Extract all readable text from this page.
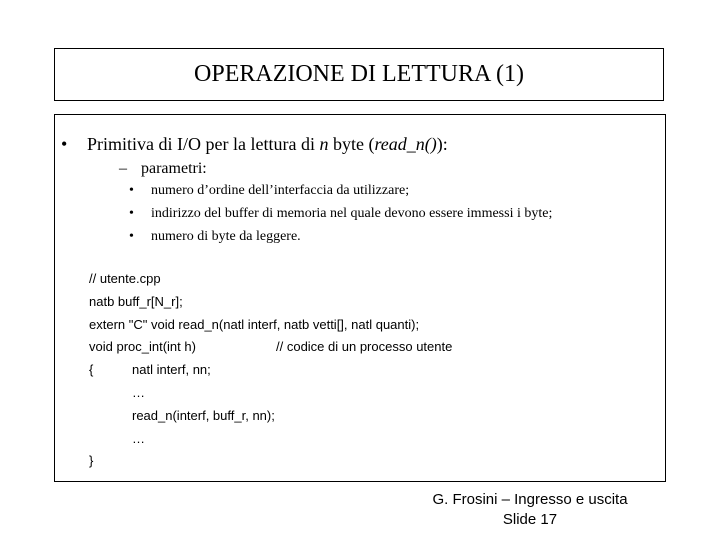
OPERAZIONE DI LETTURA (1)
• Primitiva di I/O per la lettura di n byte (read_n()):
– parametri:
• numero d’ordine dell’interfaccia da utilizzare;
• indirizzo del buffer di memoria nel quale devono essere immessi i byte;
• numero di byte da leggere.
// utente.cpp
natb buff_r[N_r];
extern "C" void read_n(natl interf, natb vetti[], natl quanti);
void proc_int(int h)	// codice di un processo utente
{	natl interf, nn;
…
read_n(interf, buff_r, nn);
…
}
G. Frosini – Ingresso e uscita
Slide 17
